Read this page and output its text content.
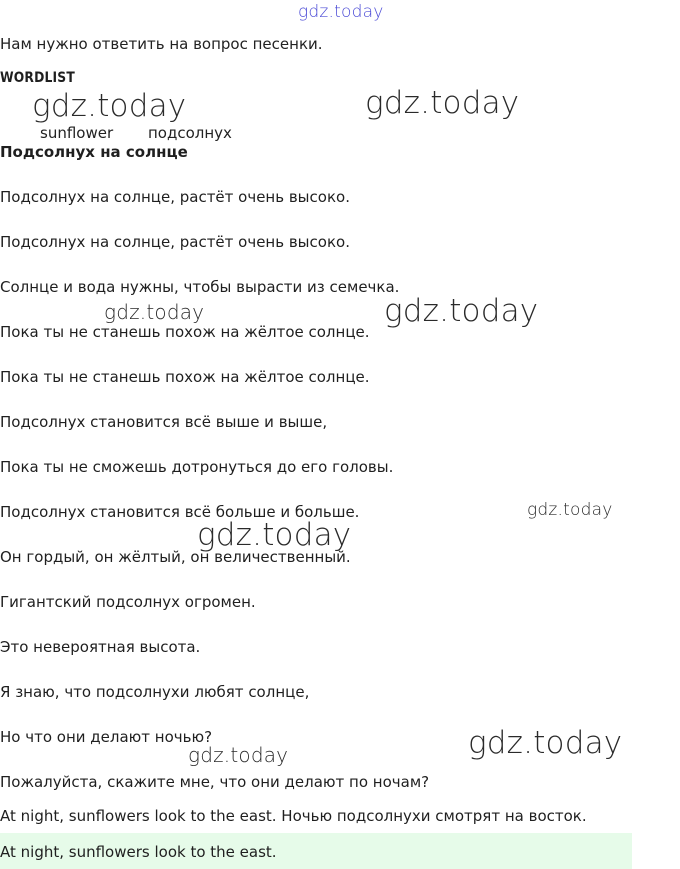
gdz.today
gdz.today	gdz.today
gdz.today	gdz.today
gdz.today
gdz.today
gdz.today	gdz.today
Нам нужно ответить на вопрос песенки.
WORDLIST
sunflower подсолнух
Подсолнух на солнце
Подсолнух на солнце, растёт очень высоко.
Подсолнух на солнце, растёт очень высоко.
Солнце и вода нужны, чтобы вырасти из семечка.
Пока ты не станешь похож на жёлтое солнце.
Пока ты не станешь похож на жёлтое солнце.
Подсолнух становится всё выше и выше,
Пока ты не сможешь дотронуться до его головы.
Подсолнух становится всё больше и больше.
Он гордый, он жёлтый, он величественный.
Гигантский подсолнух огромен.
Это невероятная высота.
Я знаю, что подсолнухи любят солнце,
Но что они делают ночью?
Пожалуйста, скажите мне, что они делают по ночам?
At night, sunflowers look to the east. Ночью подсолнухи смотрят на восток.
At night, sunflowers look to the east.
